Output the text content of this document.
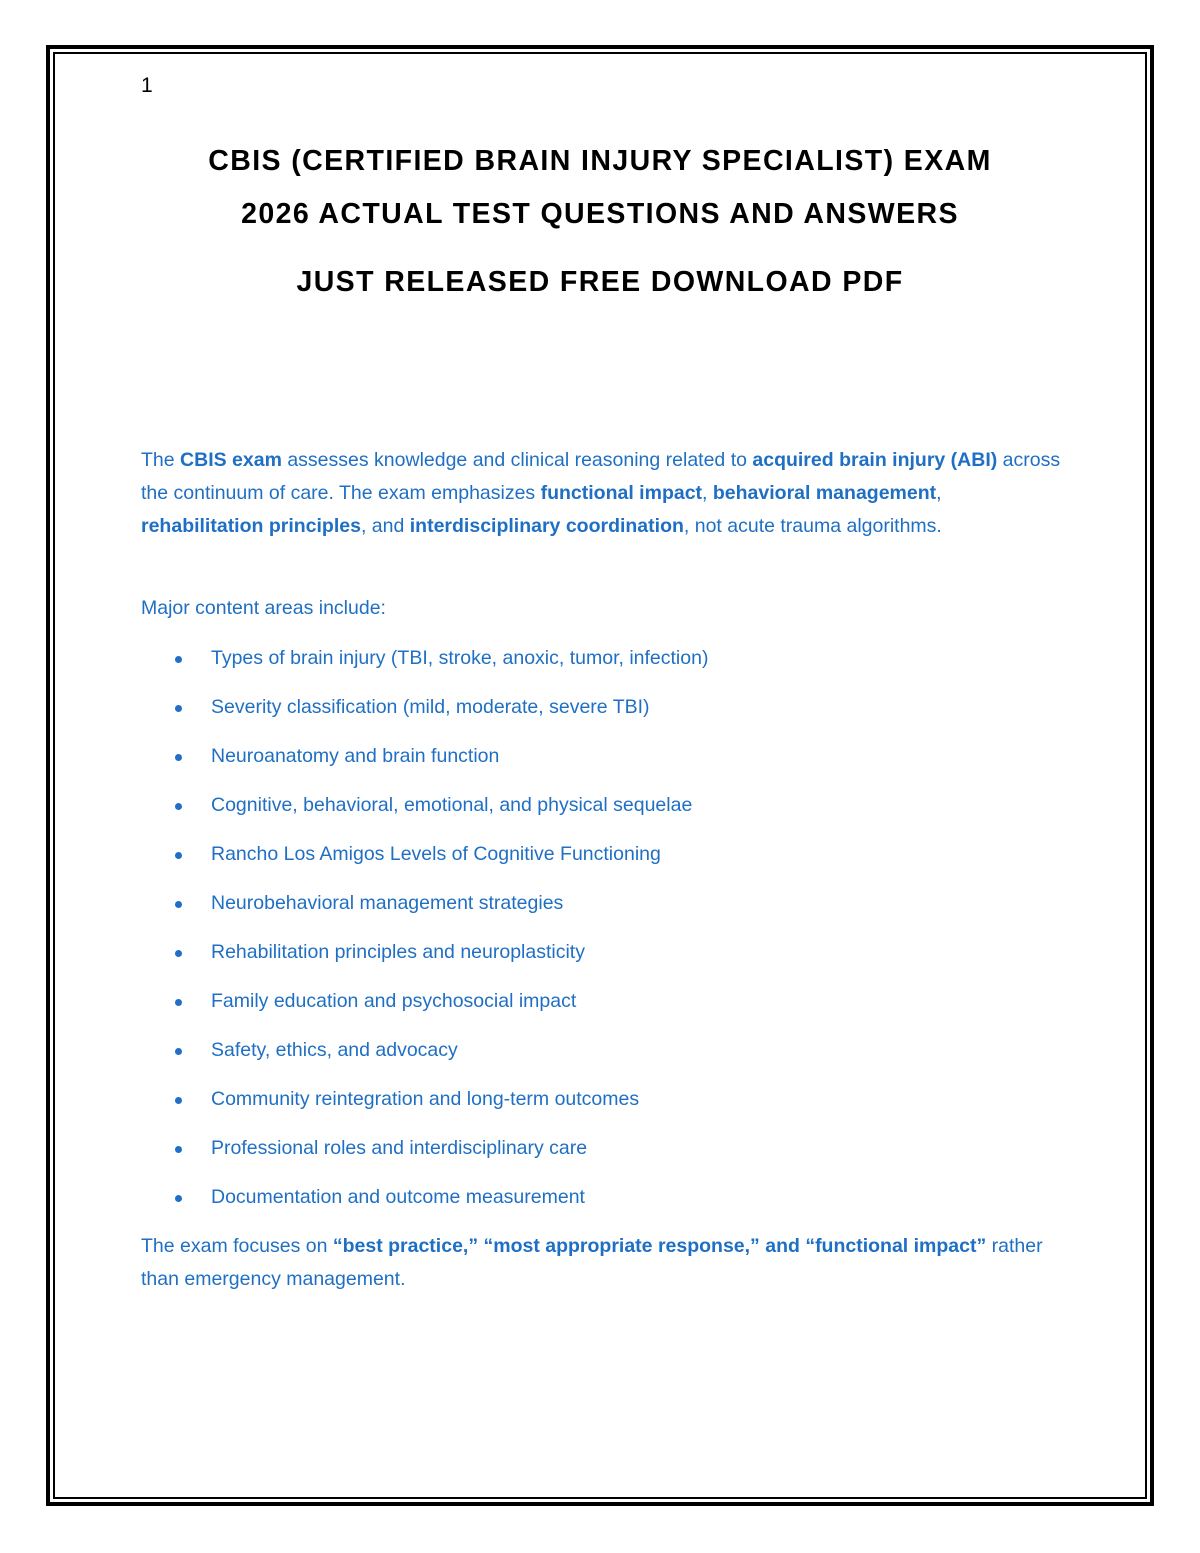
1
CBIS (CERTIFIED BRAIN INJURY SPECIALIST) EXAM
2026 ACTUAL TEST QUESTIONS AND ANSWERS
JUST RELEASED FREE DOWNLOAD PDF
The CBIS exam assesses knowledge and clinical reasoning related to acquired brain injury (ABI) across the continuum of care. The exam emphasizes functional impact, behavioral management, rehabilitation principles, and interdisciplinary coordination, not acute trauma algorithms.
Major content areas include:
Types of brain injury (TBI, stroke, anoxic, tumor, infection)
Severity classification (mild, moderate, severe TBI)
Neuroanatomy and brain function
Cognitive, behavioral, emotional, and physical sequelae
Rancho Los Amigos Levels of Cognitive Functioning
Neurobehavioral management strategies
Rehabilitation principles and neuroplasticity
Family education and psychosocial impact
Safety, ethics, and advocacy
Community reintegration and long-term outcomes
Professional roles and interdisciplinary care
Documentation and outcome measurement
The exam focuses on “best practice,” “most appropriate response,” and “functional impact” rather than emergency management.
